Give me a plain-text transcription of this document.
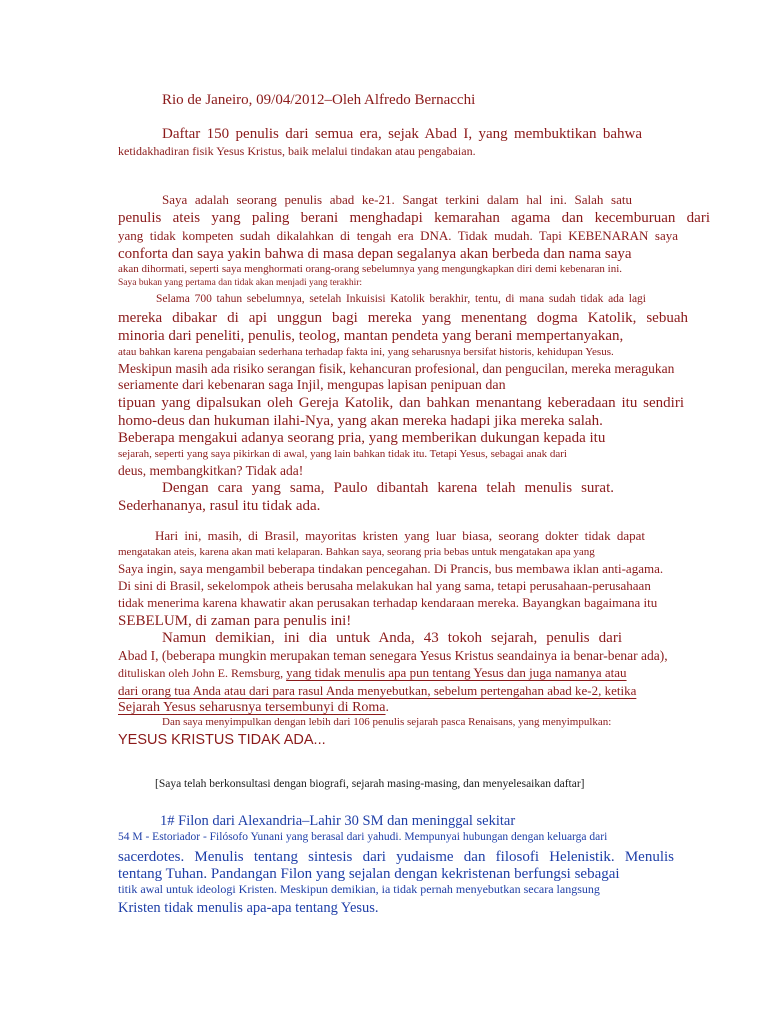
Rio de Janeiro, 09/04/2012–Oleh Alfredo Bernacchi
Daftar 150 penulis dari semua era, sejak Abad I, yang membuktikan bahwa
ketidakhadiran fisik Yesus Kristus, baik melalui tindakan atau pengabaian.
Saya adalah seorang penulis abad ke-21. Sangat terkini dalam hal ini. Salah satu
penulis ateis yang paling berani menghadapi kemarahan agama dan kecemburuan dari
yang tidak kompeten sudah dikalahkan di tengah era DNA. Tidak mudah. Tapi KEBENARAN saya
conforta dan saya yakin bahwa di masa depan segalanya akan berbeda dan nama saya
akan dihormati, seperti saya menghormati orang-orang sebelumnya yang mengungkapkan diri demi kebenaran ini.
Saya bukan yang pertama dan tidak akan menjadi yang terakhir:
Selama 700 tahun sebelumnya, setelah Inkuisisi Katolik berakhir, tentu, di mana sudah tidak ada lagi
mereka dibakar di api unggun bagi mereka yang menentang dogma Katolik, sebuah
minoria dari peneliti, penulis, teolog, mantan pendeta yang berani mempertanyakan,
atau bahkan karena pengabaian sederhana terhadap fakta ini, yang seharusnya bersifat historis, kehidupan Yesus.
Meskipun masih ada risiko serangan fisik, kehancuran profesional, dan pengucilan, mereka meragukan
seriamente dari kebenaran saga Injil, mengupas lapisan penipuan dan
tipuan yang dipalsukan oleh Gereja Katolik, dan bahkan menantang keberadaan itu sendiri
homo-deus dan hukuman ilahi-Nya, yang akan mereka hadapi jika mereka salah.
Beberapa mengakui adanya seorang pria, yang memberikan dukungan kepada itu
sejarah, seperti yang saya pikirkan di awal, yang lain bahkan tidak itu. Tetapi Yesus, sebagai anak dari
deus, membangkitkan? Tidak ada!
Dengan cara yang sama, Paulo dibantah karena telah menulis surat.
Sederhananya, rasul itu tidak ada.
Hari ini, masih, di Brasil, mayoritas kristen yang luar biasa, seorang dokter tidak dapat
mengatakan ateis, karena akan mati kelaparan. Bahkan saya, seorang pria bebas untuk mengatakan apa yang
Saya ingin, saya mengambil beberapa tindakan pencegahan. Di Prancis, bus membawa iklan anti-agama.
Di sini di Brasil, sekelompok atheis berusaha melakukan hal yang sama, tetapi perusahaan-perusahaan
tidak menerima karena khawatir akan perusakan terhadap kendaraan mereka. Bayangkan bagaimana itu
SEBELUM, di zaman para penulis ini!
Namun demikian, ini dia untuk Anda, 43 tokoh sejarah, penulis dari
Abad I, (beberapa mungkin merupakan teman senegara Yesus Kristus seandainya ia benar-benar ada),
dituliskan oleh John E. Remsburg, yang tidak menulis apa pun tentang Yesus dan juga namanya atau
dari orang tua Anda atau dari para rasul Anda menyebutkan, sebelum pertengahan abad ke-2, ketika
Sejarah Yesus seharusnya tersembunyi di Roma.
Dan saya menyimpulkan dengan lebih dari 106 penulis sejarah pasca Renaisans, yang menyimpulkan:
YESUS KRISTUS TIDAK ADA...
[Saya telah berkonsultasi dengan biografi, sejarah masing-masing, dan menyelesaikan daftar]
1# Filon dari Alexandria–Lahir 30 SM dan meninggal sekitar
54 M - Estoriador - Filósofo Yunani yang berasal dari yahudi. Mempunyai hubungan dengan keluarga dari
sacerdotes. Menulis tentang sintesis dari yudaisme dan filosofi Helenistik. Menulis
tentang Tuhan. Pandangan Filon yang sejalan dengan kekristenan berfungsi sebagai
titik awal untuk ideologi Kristen. Meskipun demikian, ia tidak pernah menyebutkan secara langsung
Kristen tidak menulis apa-apa tentang Yesus.
